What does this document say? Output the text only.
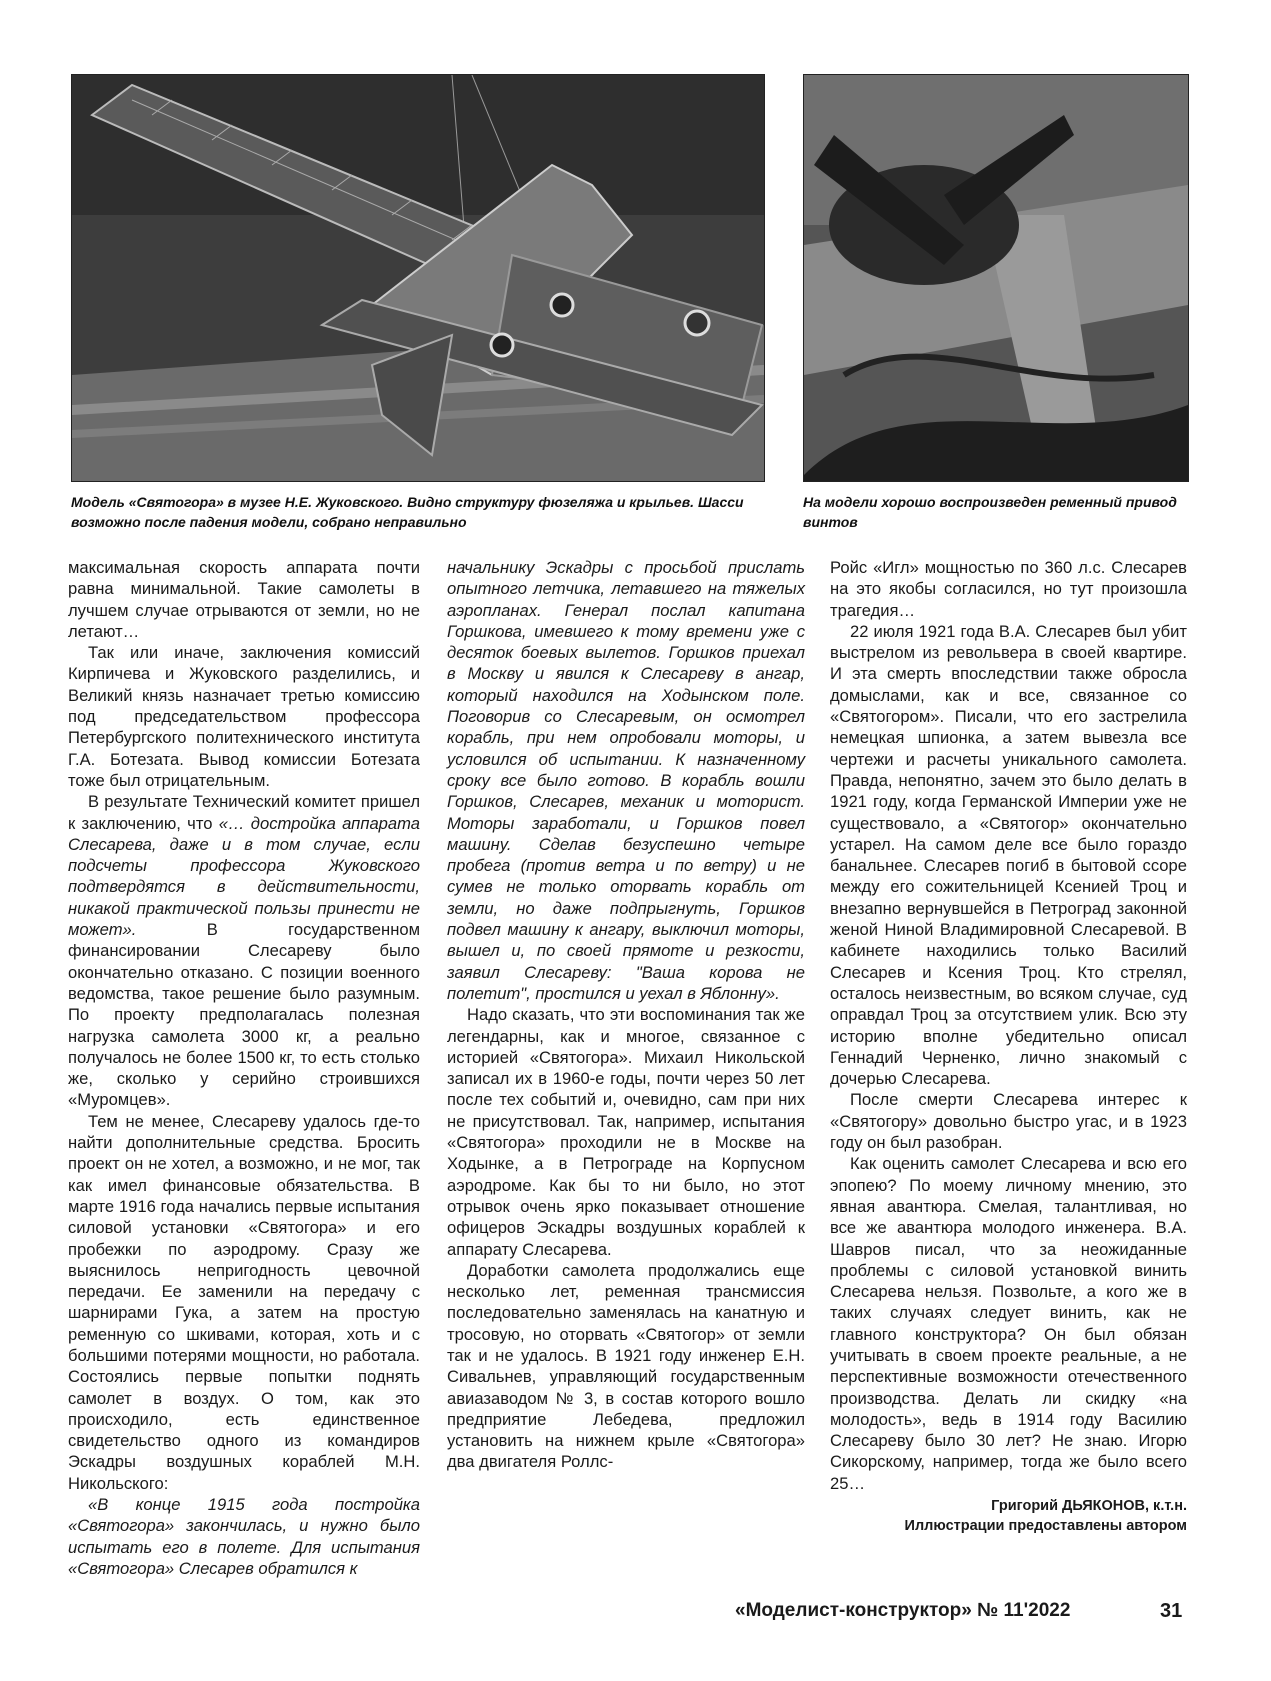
Модель «Святогора» в музее Н.Е. Жуковского. Видно структуру фюзеляжа и крыльев. Шасси возможно после падения модели, собрано неправильно
На модели хорошо воспроизведен ременный привод винтов

максимальная скорость аппарата почти равна минимальной. Такие самолеты в лучшем случае отрываются от земли, но не летают…

Так или иначе, заключения комиссий Кирпичева и Жуковского разделились, и Великий князь назначает третью комиссию под председательством профессора Петербургского политехнического института Г.А. Ботезата. Вывод комиссии Ботезата тоже был отрицательным.

В результате Технический комитет пришел к заключению, что «… достройка аппарата Слесарева, даже и в том случае, если подсчеты профессора Жуковского подтвердятся в действительности, никакой практической пользы принести не может».	В государственном финансировании Слесареву было окончательно отказано. С позиции военного ведомства, такое решение было разумным. По проекту предполагалась полезная нагрузка самолета 3000 кг, а реально получалось не более 1500 кг, то есть столько же, сколько у серийно строившихся «Муромцев».

Тем не менее, Слесареву удалось где-то найти дополнительные средства. Бросить проект он не хотел, а возможно, и не мог, так как имел финансовые обязательства. В марте 1916 года начались первые испытания силовой установки «Святогора» и его пробежки по аэродрому. Сразу же выяснилось непригодность цевочной передачи. Ее заменили на передачу с шарнирами Гука, а затем на простую ременную со шкивами, которая, хоть и с большими потерями мощности, но работала. Состоялись первые попытки поднять самолет в воздух. О том, как это происходило, есть единственное свидетельство одного из командиров Эскадры воздушных кораблей М.Н. Никольского:

«В конце 1915 года постройка «Святогора» закончилась, и нужно было испытать его в полете. Для испытания «Святогора» Слесарев обратился к

начальнику Эскадры с просьбой прислать опытного летчика, летавшего на тяжелых аэропланах. Генерал послал капитана Горшкова, имевшего к тому времени уже с десяток боевых вылетов. Горшков приехал в Москву и явился к Слесареву в ангар, который находился на Ходынском поле. Поговорив со Слесаревым, он осмотрел корабль, при нем опробовали моторы, и условился об испытании. К назначенному сроку все было готово. В корабль вошли Горшков, Слесарев, механик и моторист. Моторы заработали, и Горшков повел машину. Сделав безуспешно четыре пробега (против ветра и по ветру) и не сумев не только оторвать корабль от земли, но даже подпрыгнуть, Горшков подвел машину к ангару, выключил моторы, вышел и, по своей прямоте и резкости, заявил Слесареву: "Ваша корова не полетит", простился и уехал в Яблонну».

Надо сказать, что эти воспоминания так же легендарны, как и многое, связанное с историей «Святогора». Михаил Никольской записал их в 1960-е годы, почти через 50 лет после тех событий и, очевидно, сам при них не присутствовал. Так, например, испытания «Святогора» проходили не в Москве на Ходынке, а в Петрограде на Корпусном аэродроме. Как бы то ни было, но этот отрывок очень ярко показывает отношение офицеров Эскадры воздушных кораблей к аппарату Слесарева.

Доработки самолета продолжались еще несколько лет, ременная трансмиссия последовательно заменялась на канатную и тросовую, но оторвать «Святогор» от земли так и не удалось. В 1921 году инженер Е.Н. Сивальнев, управляющий государственным авиазаводом № 3, в состав которого вошло предприятие Лебедева, предложил установить на нижнем крыле «Святогора» два двигателя Роллс-

Ройс «Игл» мощностью по 360 л.с. Слесарев на это якобы согласился, но тут произошла трагедия…

22 июля 1921 года В.А. Слесарев был убит выстрелом из револьвера в своей квартире. И эта смерть впоследствии также обросла домыслами, как и все, связанное со «Святогором». Писали, что его застрелила немецкая шпионка, а затем вывезла все чертежи и расчеты уникального самолета. Правда, непонятно, зачем это было делать в 1921 году, когда Германской Империи уже не существовало, а «Святогор» окончательно устарел. На самом деле все было гораздо банальнее. Слесарев погиб в бытовой ссоре между его сожительницей Ксенией Троц и внезапно вернувшейся в Петроград законной женой Ниной Владимировной Слесаревой. В кабинете находились только Василий Слесарев и Ксения Троц. Кто стрелял, осталось неизвестным, во всяком случае, суд оправдал Троц за отсутствием улик. Всю эту историю вполне убедительно описал Геннадий Черненко, лично знакомый с дочерью Слесарева.

После смерти Слесарева интерес к «Святогору» довольно быстро угас, и в 1923 году он был разобран.

Как оценить самолет Слесарева и всю его эпопею? По моему личному мнению, это явная авантюра. Смелая, талантливая, но все же авантюра молодого инженера. В.А. Шавров писал, что за неожиданные проблемы с силовой установкой винить Слесарева нельзя. Позвольте, а кого же в таких случаях следует винить, как не главного конструктора? Он был обязан учитывать в своем проекте реальные, а не перспективные возможности отечественного производства. Делать ли скидку «на молодость», ведь в 1914 году Василию Слесареву было 30 лет? Не знаю. Игорю Сикорскому, например, тогда же было всего 25…

Григорий ДЬЯКОНОВ, к.т.н.
Иллюстрации предоставлены автором
«Моделист-конструктор» № 11'2022	31
